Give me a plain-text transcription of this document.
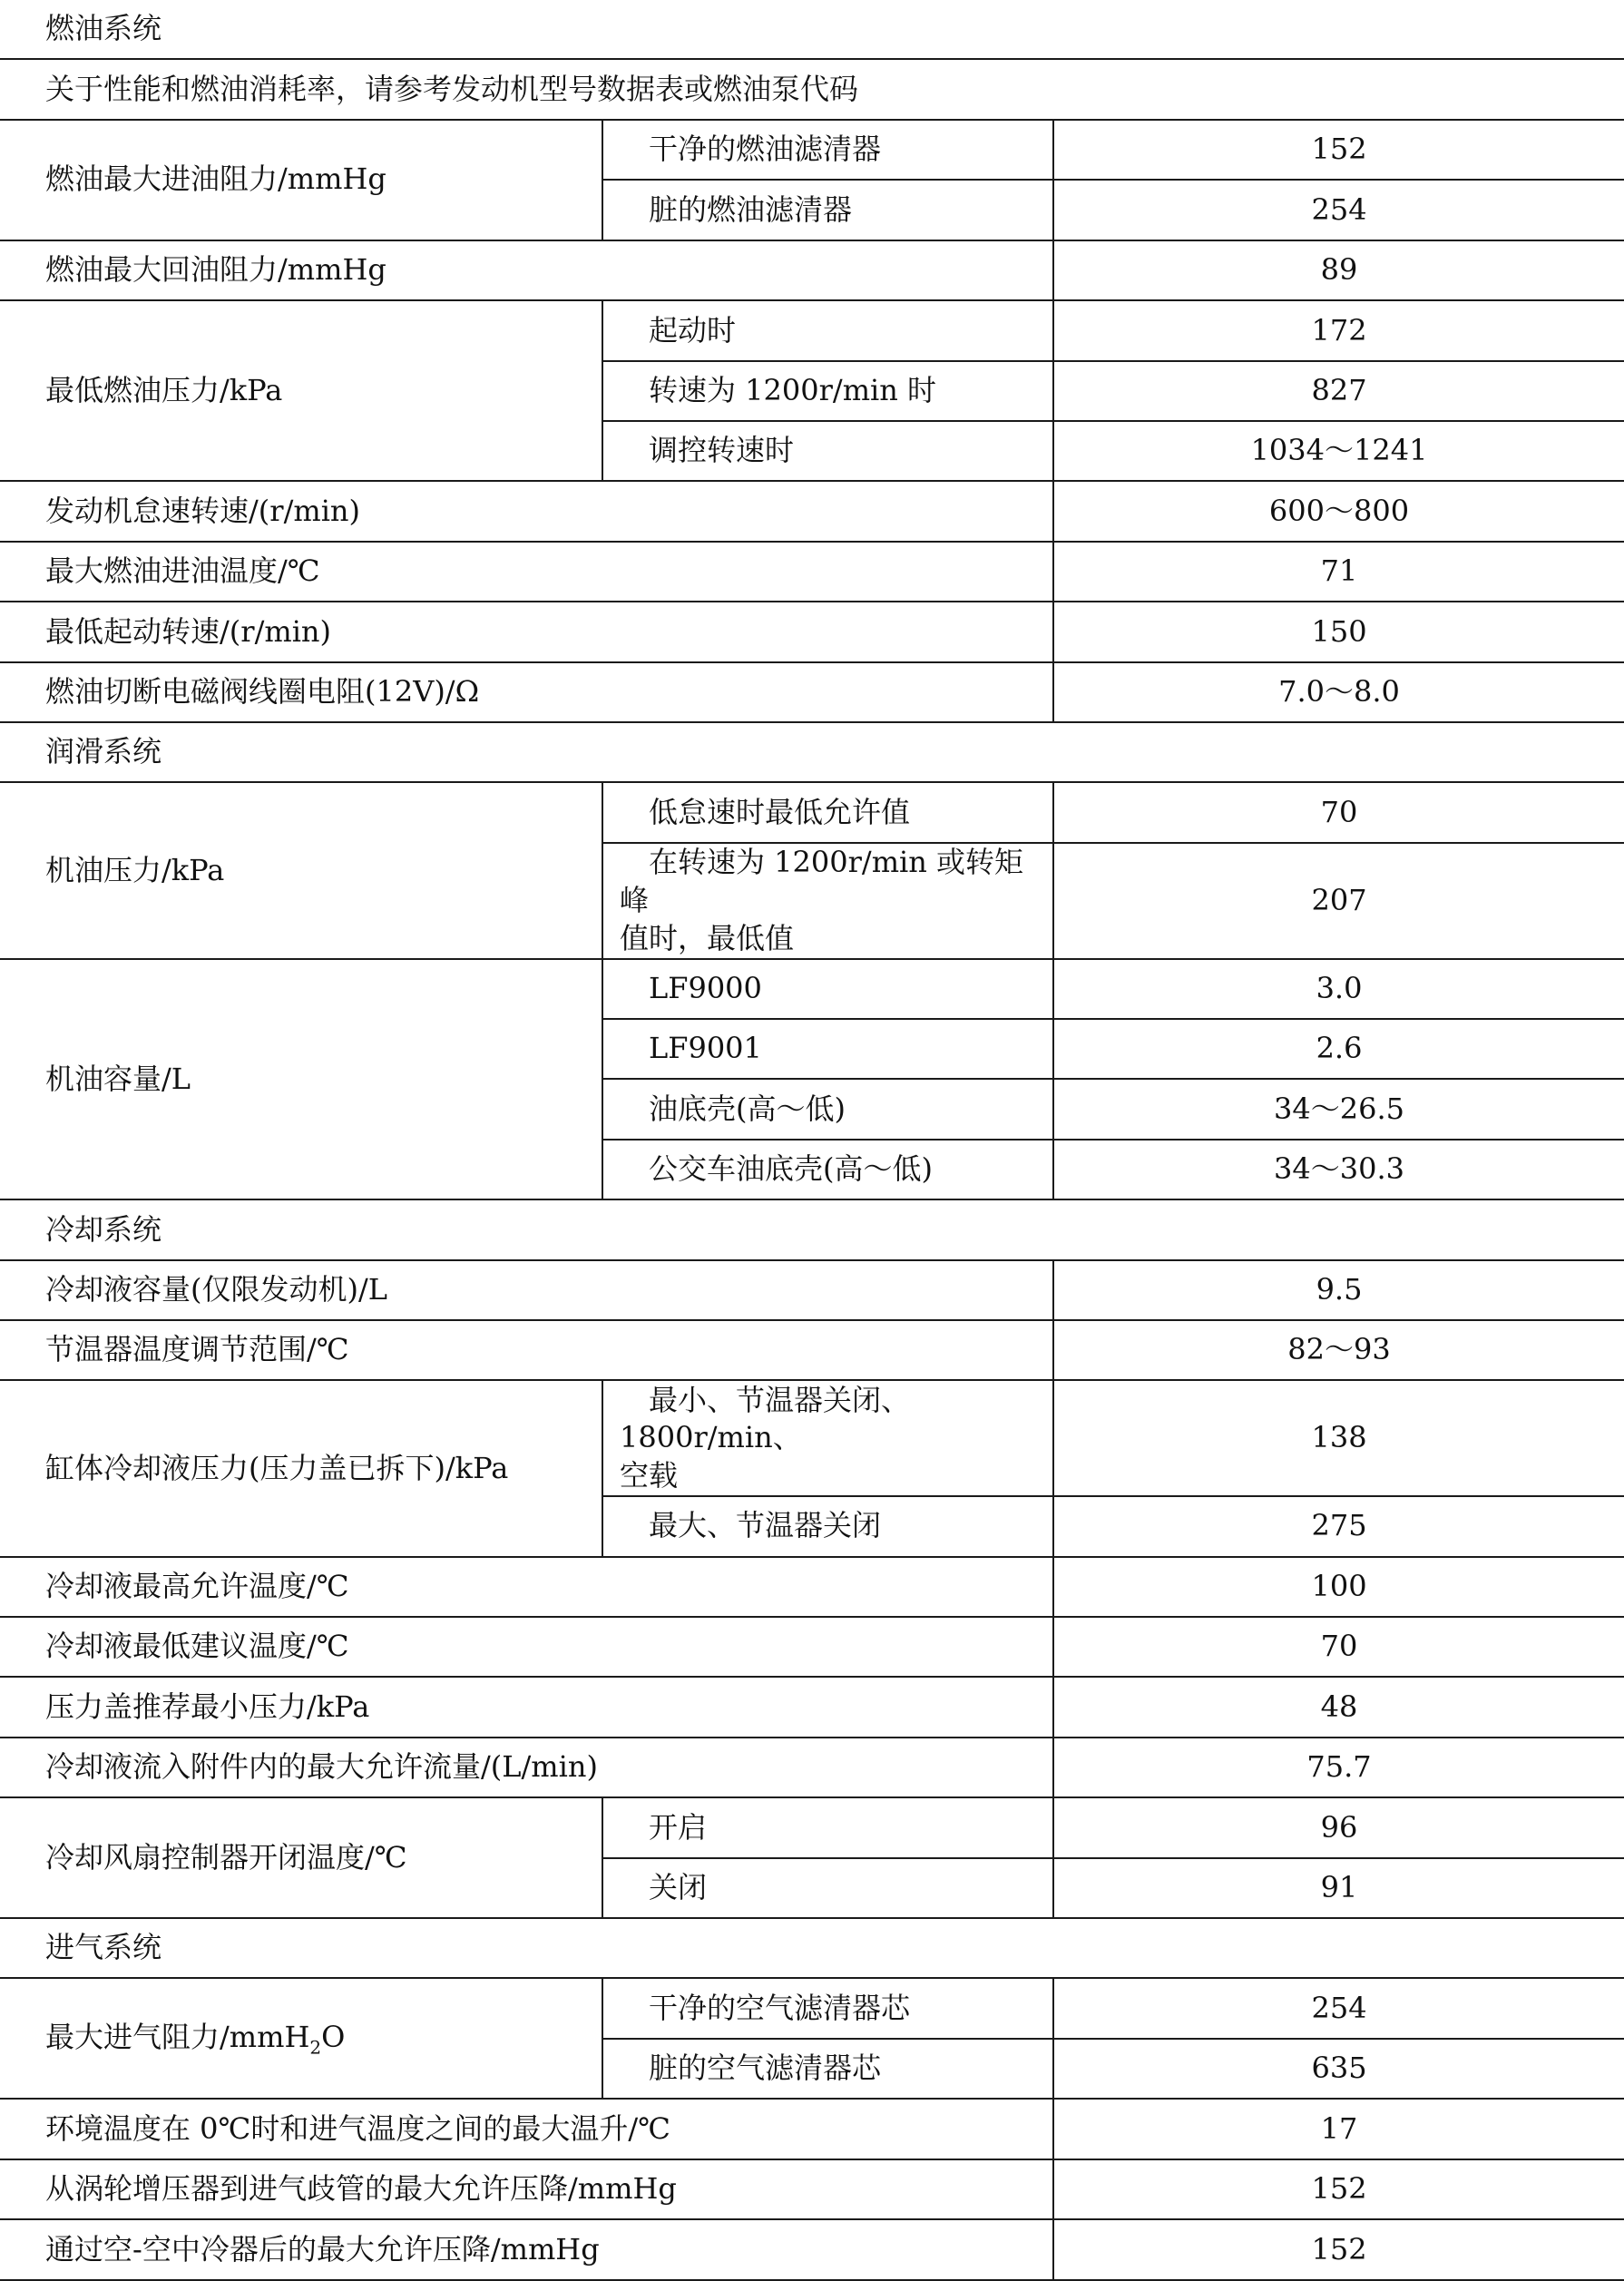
燃油系统		
关于性能和燃油消耗率，请参考发动机型号数据表或燃油泵代码		
燃油最大进油阻力/mmHg	干净的燃油滤清器	152
	脏的燃油滤清器	254
燃油最大回油阻力/mmHg		89
最低燃油压力/kPa	起动时	172
	转速为 1200r/min 时	827
	调控转速时	1034～1241
发动机怠速转速/(r/min)		600～800
最大燃油进油温度/℃		71
最低起动转速/(r/min)		150
燃油切断电磁阀线圈电阻(12V)/Ω		7.0～8.0
润滑系统		
机油压力/kPa	低怠速时最低允许值	70
	在转速为 1200r/min 或转矩峰
值时，最低值	207
机油容量/L	LF9000	3.0
	LF9001	2.6
	油底壳(高～低)	34～26.5
	公交车油底壳(高～低)	34～30.3
冷却系统		
冷却液容量(仅限发动机)/L		9.5
节温器温度调节范围/℃		82～93
缸体冷却液压力(压力盖已拆下)/kPa	最小、节温器关闭、1800r/min、
空载	138
	最大、节温器关闭	275
冷却液最高允许温度/℃		100
冷却液最低建议温度/℃		70
压力盖推荐最小压力/kPa		48
冷却液流入附件内的最大允许流量/(L/min)		75.7
冷却风扇控制器开闭温度/℃	开启	96
	关闭	91
进气系统		
最大进气阻力/mmH$_2$O	干净的空气滤清器芯	254
	脏的空气滤清器芯	635
环境温度在 0℃时和进气温度之间的最大温升/℃		17
从涡轮增压器到进气歧管的最大允许压降/mmHg		152
通过空-空中冷器后的最大允许压降/mmHg		152
